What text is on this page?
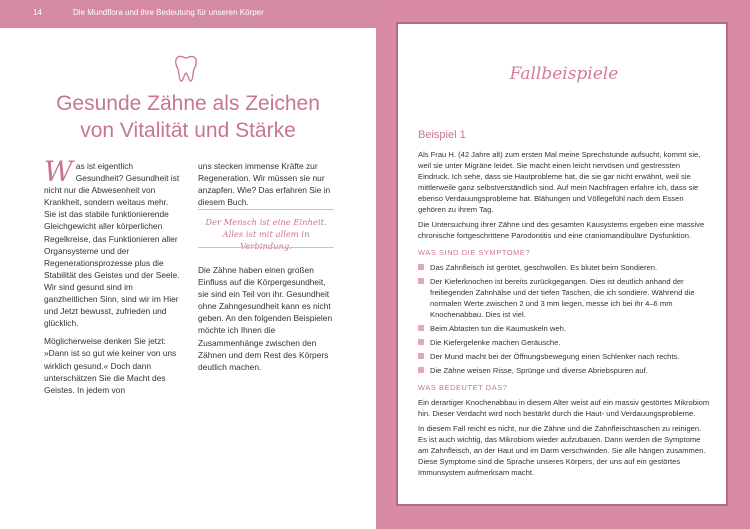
14	Die Mundflora und ihre Bedeutung für unseren Körper
Gesunde Zähne als Zeichen
von Vitalität und Stärke

Was ist eigentlich Gesundheit? Gesundheit ist nicht nur die Abwesenheit von Krankheit, sondern weitaus mehr. Sie ist das stabile funktionierende Gleichgewicht aller körperlichen Regelkreise, das Funktionieren aller Organsysteme und der Regenerationsprozesse plus die Stabilität des Geistes und der Seele. Wir sind gesund sind im ganzheitlichen Sinn, sind wir im Hier und Jetzt bewusst, zufrieden und glücklich.

Möglicherweise denken Sie jetzt: »Dann ist so gut wie keiner von uns wirklich gesund.« Doch dann unterschätzen Sie die Macht des Geistes. In jedem von

uns stecken immense Kräfte zur Regeneration. Wir müssen sie nur anzapfen. Wie? Das erfahren Sie in diesem Buch.

Der Mensch ist eine Einheit. Alles ist mit allem in Verbindung.

Die Zähne haben einen großen Einfluss auf die Körpergesundheit, sie sind ein Teil von ihr. Gesundheit ohne Zahngesundheit kann es nicht geben. An den folgenden Beispielen möchte ich Ihnen die Zusammenhänge zwischen den Zähnen und dem Rest des Körpers deutlich machen.

Fallbeispiele
Beispiel 1

Als Frau H. (42 Jahre alt) zum ersten Mal meine Sprechstunde aufsucht, kommt sie, weil sie unter Migräne leidet. Sie macht einen leicht nervösen und gestressten Eindruck. Ich sehe, dass sie Hautprobleme hat, die sie gar nicht erwähnt, weil sie mittlerweile ganz selbstverständlich sind. Auf mein Nachfragen erfahre ich, dass sie ebenso Verdauungsprobleme hat. Blähungen und Völlegefühl nach dem Essen gehören zu ihrem Tag.

Die Untersuchung ihrer Zähne und des gesamten Kausystems ergeben eine massive chronische fortgeschrittene Parodontitis und eine craniomandibuläre Dysfunktion.

WAS SIND DIE SYMPTOME?
Das Zahnfleisch ist gerötet, geschwollen. Es blutet beim Sondieren.
Der Kieferknochen ist bereits zurückgegangen. Dies ist deutlich anhand der freiliegenden Zahnhälse und der tiefen Taschen, die ich sondiere. Während die normalen Werte zwischen 2 und 3 mm liegen, messe ich bei ihr 4–6 mm Knochenabbau. Dies ist viel.
Beim Abtasten tun die Kaumuskeln weh.
Die Kiefergelenke machen Geräusche.
Der Mund macht bei der Öffnungsbewegung einen Schlenker nach rechts.
Die Zähne weisen Risse, Sprünge und diverse Abriebspuren auf.
WAS BEDEUTET DAS?

Ein derartiger Knochenabbau in diesem Alter weist auf ein massiv gestörtes Mikrobiom hin. Dieser Verdacht wird noch bestärkt durch die Haut- und Verdauungsprobleme.

In diesem Fall reicht es nicht, nur die Zähne und die Zahnfleischtaschen zu reinigen. Es ist auch wichtig, das Mikrobiom wieder aufzubauen. Dann werden die Symptome am Zahnfleisch, an der Haut und im Darm verschwinden. Sie alle hängen zusammen. Diese Symptome sind die Sprache unseres Körpers, der uns auf ein gestörtes Immunsystem aufmerksam macht.
